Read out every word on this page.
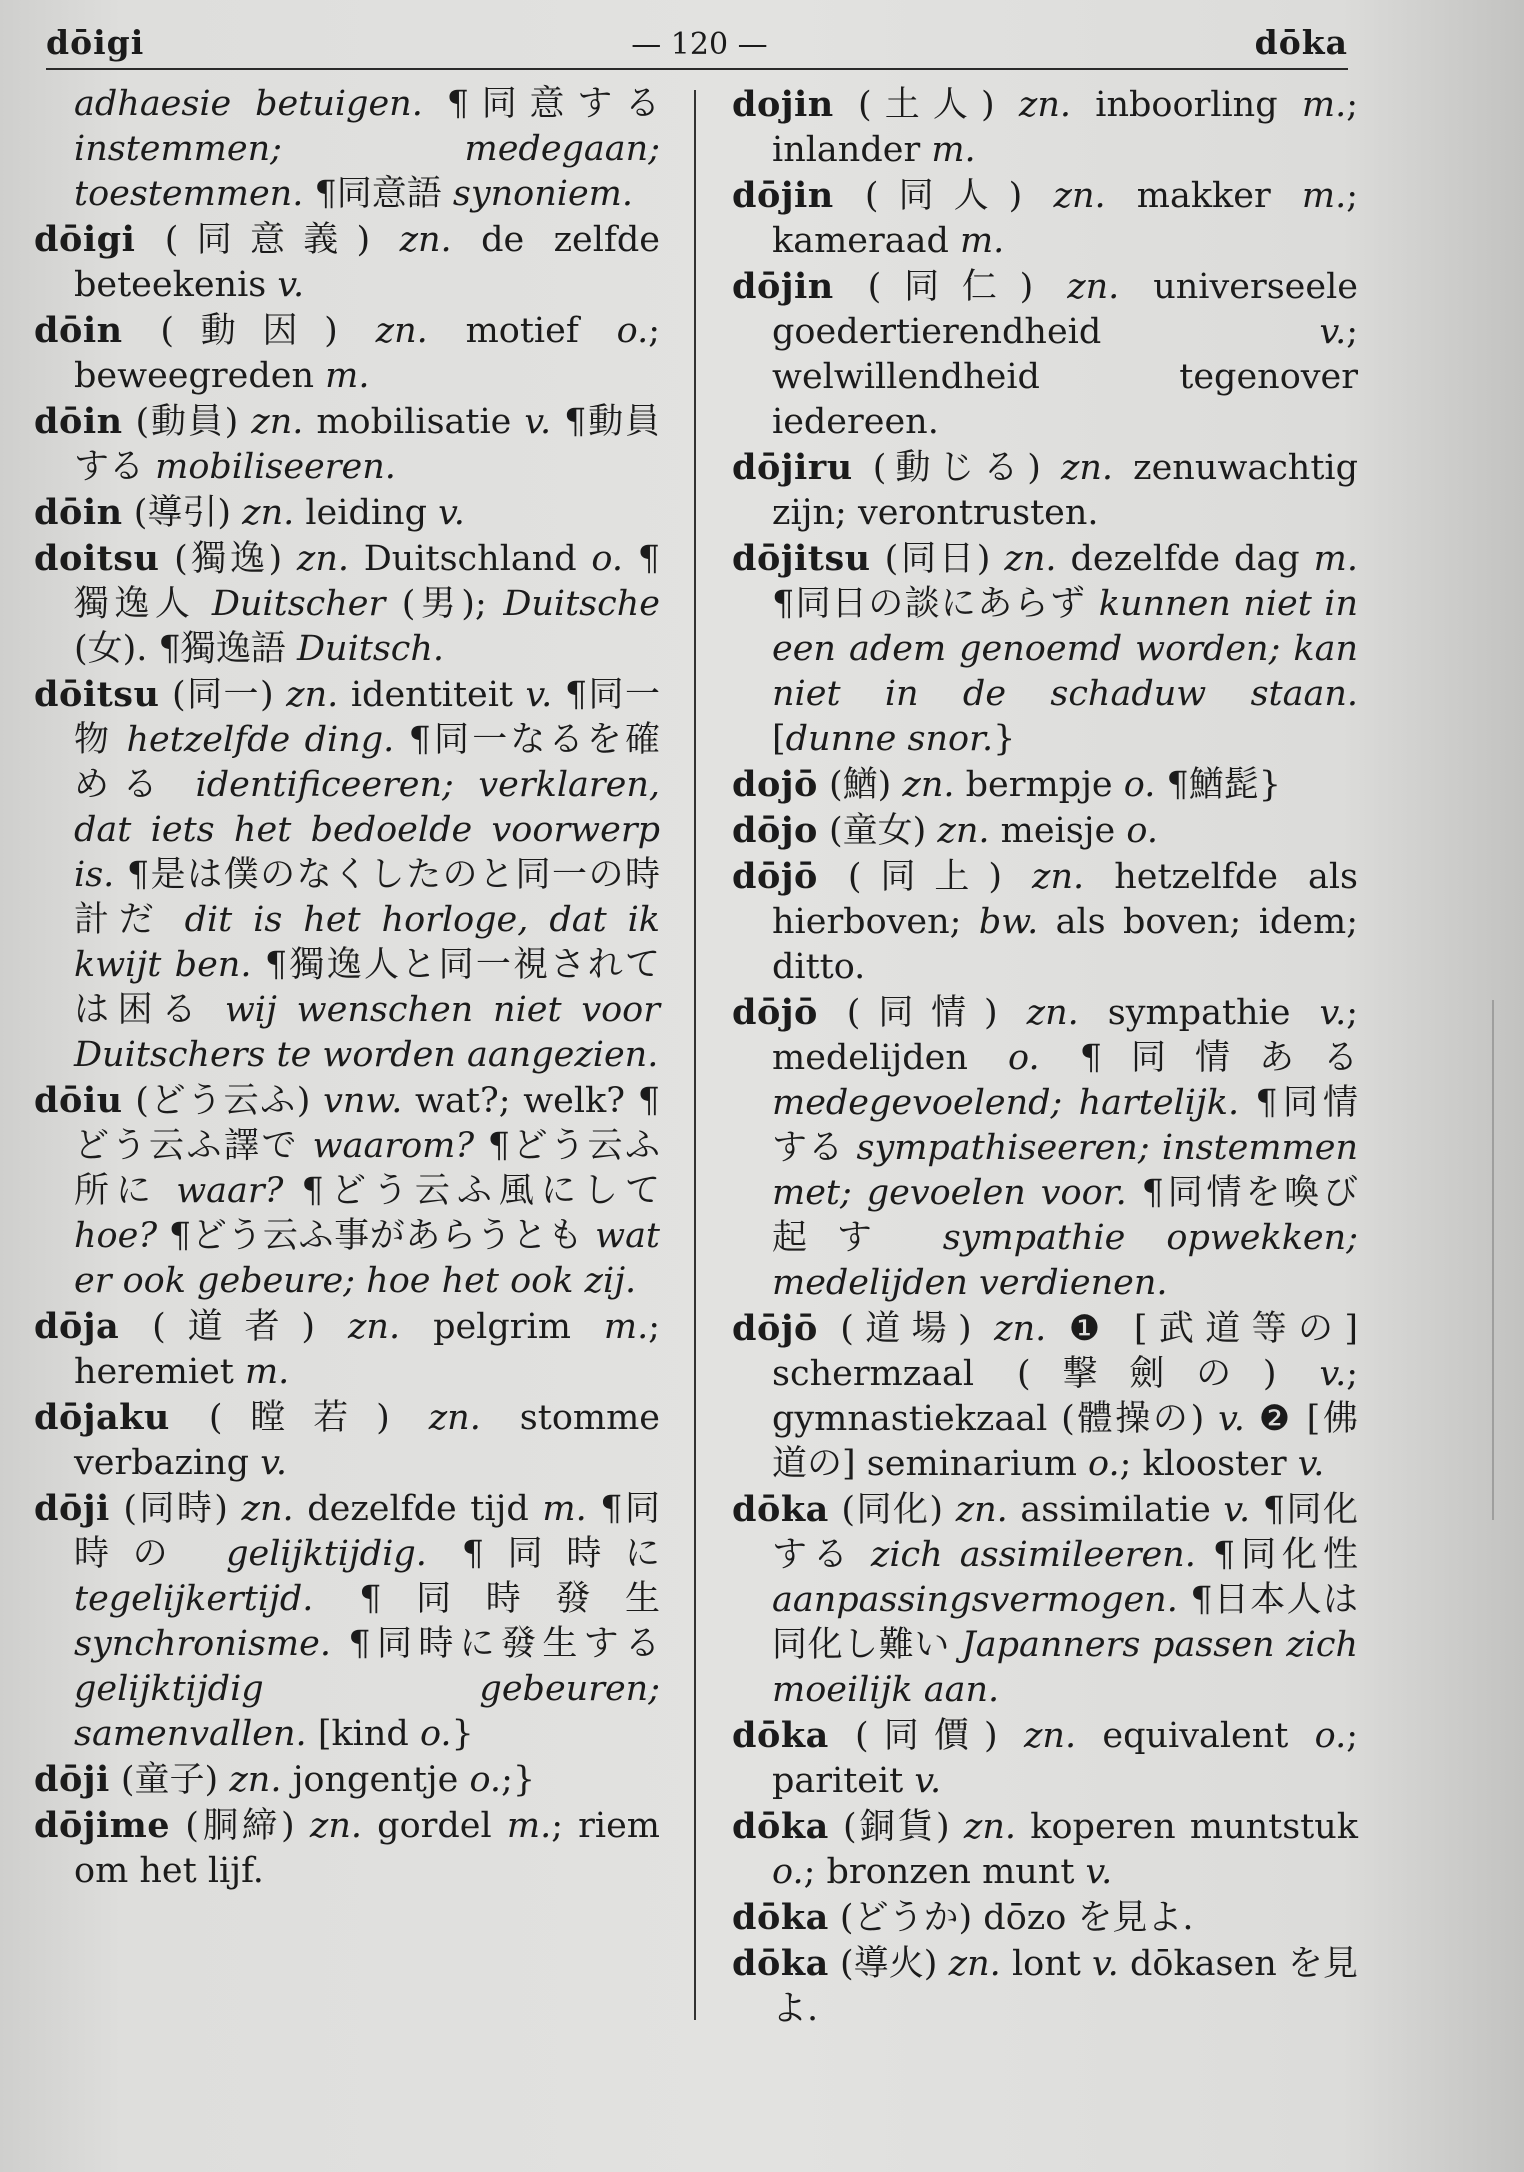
dōigi	— 120 —	dōka

adhaesie betuigen. ¶同意する instemmen; medegaan; toestemmen. ¶同意語 synoniem.

dōigi (同意義) zn. de zelfde beteekenis v.

dōin (動因) zn. motief o.; beweegreden m.

dōin (動員) zn. mobilisatie v. ¶動員する mobiliseeren.

dōin (導引) zn. leiding v.

doitsu (獨逸) zn. Duitschland o. ¶獨逸人 Duitscher (男); Duitsche (女). ¶獨逸語 Duitsch.

dōitsu (同一) zn. identiteit v. ¶同一物 hetzelfde ding. ¶同一なるを確める identificeeren; verklaren, dat iets het bedoelde voorwerp is. ¶是は僕のなくしたのと同一の時計だ dit is het horloge, dat ik kwijt ben. ¶獨逸人と同一視されては困る wij wenschen niet voor Duitschers te worden aangezien.

dōiu (どう云ふ) vnw. wat?; welk? ¶どう云ふ譯で waarom? ¶どう云ふ所に waar? ¶どう云ふ風にして hoe? ¶どう云ふ事があらうとも wat er ook gebeure; hoe het ook zij.

dōja (道者) zn. pelgrim m.; heremiet m.

dōjaku (瞠若) zn. stomme verbazing v.

dōji (同時) zn. dezelfde tijd m. ¶同時の gelijktijdig. ¶同時に tegelijkertijd. ¶同時發生 synchronisme. ¶同時に發生する gelijktijdig gebeuren; samenvallen. [kind o.}

dōji (童子) zn. jongentje o.;}

dōjime (胴締) zn. gordel m.; riem om het lijf.

dojin (土人) zn. inboorling m.; inlander m.

dōjin (同人) zn. makker m.; kameraad m.

dōjin (同仁) zn. universeele goedertierendheid v.; welwillendheid tegenover iedereen.

dōjiru (動じる) zn. zenuwachtig zijn; verontrusten.

dōjitsu (同日) zn. dezelfde dag m. ¶同日の談にあらず kunnen niet in een adem genoemd worden; kan niet in de schaduw staan. [dunne snor.}

dojō (鰌) zn. bermpje o. ¶鰌髭}

dōjo (童女) zn. meisje o.

dōjō (同上) zn. hetzelfde als hierboven; bw. als boven; idem; ditto.

dōjō (同情) zn. sympathie v.; medelijden o. ¶同情ある medegevoelend; hartelijk. ¶同情する sympathiseeren; instemmen met; gevoelen voor. ¶同情を喚び起す sympathie opwekken; medelijden verdienen.

dōjō (道場) zn. ❶ [武道等の] schermzaal (撃劍の) v.; gymnastiekzaal (體操の) v. ❷ [佛道の] seminarium o.; klooster v.

dōka (同化) zn. assimilatie v. ¶同化する zich assimileeren. ¶同化性 aanpassingsvermogen. ¶日本人は同化し難い Japanners passen zich moeilijk aan.

dōka (同價) zn. equivalent o.; pariteit v.

dōka (銅貨) zn. koperen muntstuk o.; bronzen munt v.

dōka (どうか) dōzo を見よ.

dōka (導火) zn. lont v. dōkasen を見よ.
